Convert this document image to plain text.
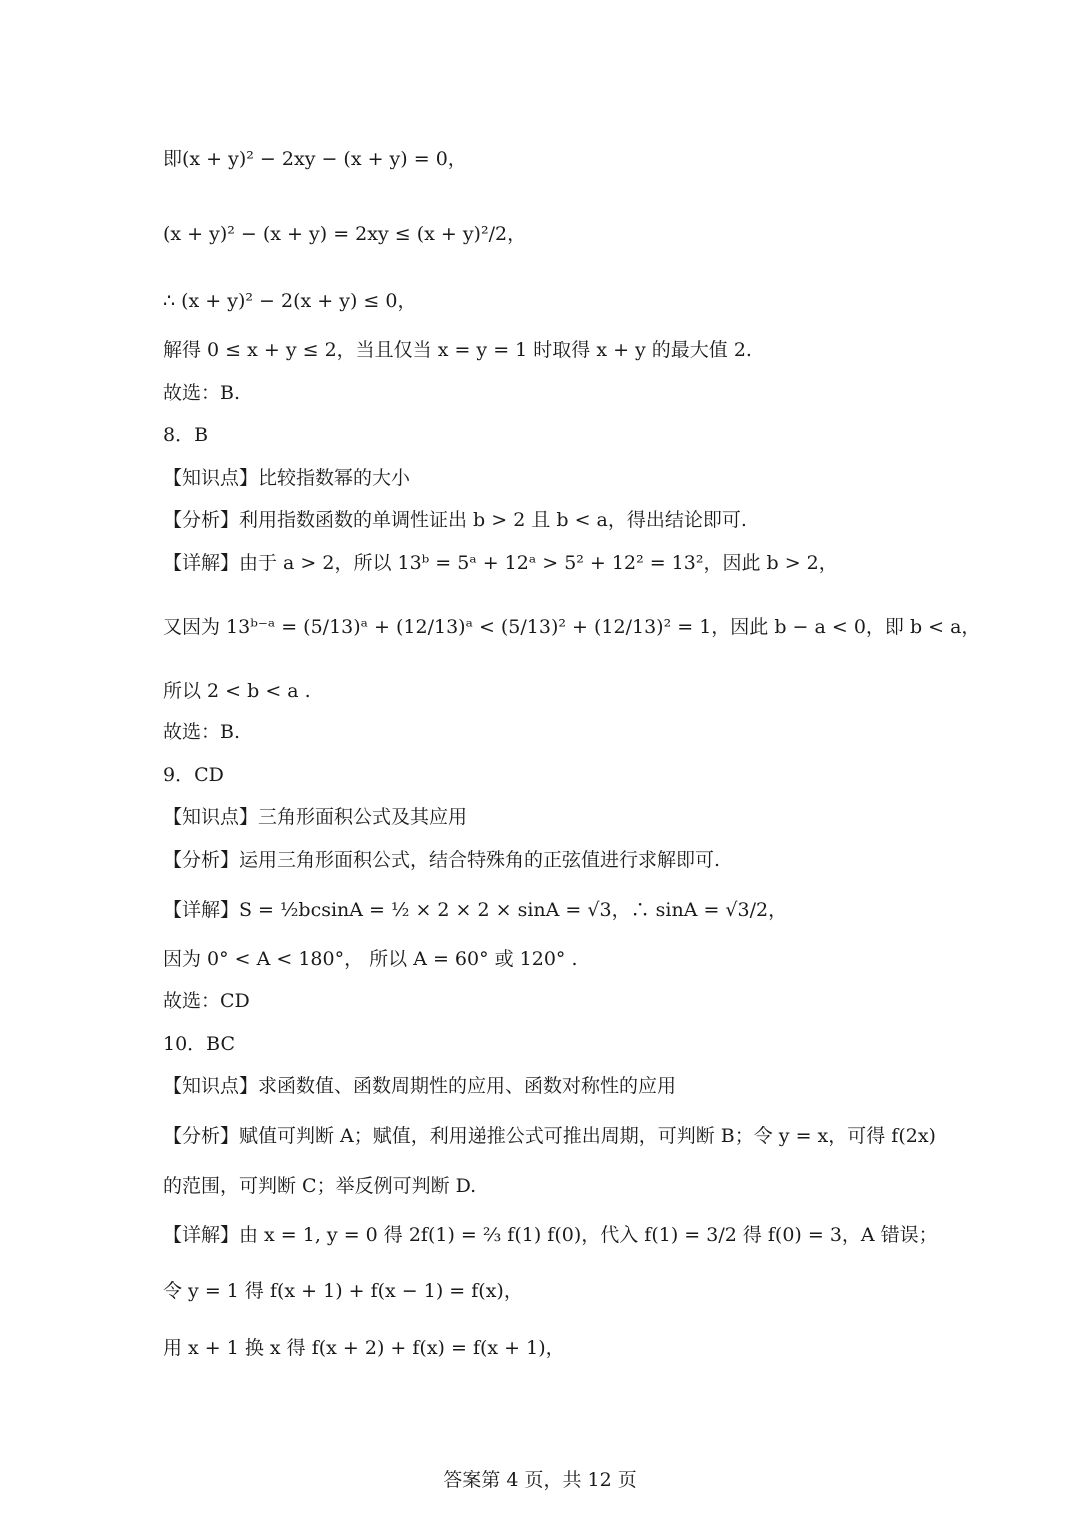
即(x + y)² − 2xy − (x + y) = 0，
(x + y)² − (x + y) = 2xy ≤ (x + y)²/2，
∴ (x + y)² − 2(x + y) ≤ 0，
解得 0 ≤ x + y ≤ 2，当且仅当 x = y = 1 时取得 x + y 的最大值 2.
故选：B.
8．B
【知识点】比较指数幂的大小
【分析】利用指数函数的单调性证出 b > 2 且 b < a，得出结论即可.
【详解】由于 a > 2，所以 13ᵇ = 5ᵃ + 12ᵃ > 5² + 12² = 13²，因此 b > 2，
又因为 13ᵇ⁻ᵃ = (5/13)ᵃ + (12/13)ᵃ < (5/13)² + (12/13)² = 1，因此 b − a < 0，即 b < a，
所以 2 < b < a .
故选：B.
9．CD
【知识点】三角形面积公式及其应用
【分析】运用三角形面积公式，结合特殊角的正弦值进行求解即可.
【详解】S = ½bcsinA = ½ × 2 × 2 × sinA = √3，∴ sinA = √3/2，
因为 0° < A < 180°， 所以 A = 60° 或 120° .
故选：CD
10．BC
【知识点】求函数值、函数周期性的应用、函数对称性的应用
【分析】赋值可判断 A；赋值，利用递推公式可推出周期，可判断 B；令 y = x，可得 f(2x)
的范围，可判断 C；举反例可判断 D.
【详解】由 x = 1, y = 0 得 2f(1) = ⅔ f(1) f(0)，代入 f(1) = 3/2 得 f(0) = 3，A 错误；
令 y = 1 得 f(x + 1) + f(x − 1) = f(x)，
用 x + 1 换 x 得 f(x + 2) + f(x) = f(x + 1)，
答案第 4 页，共 12 页
